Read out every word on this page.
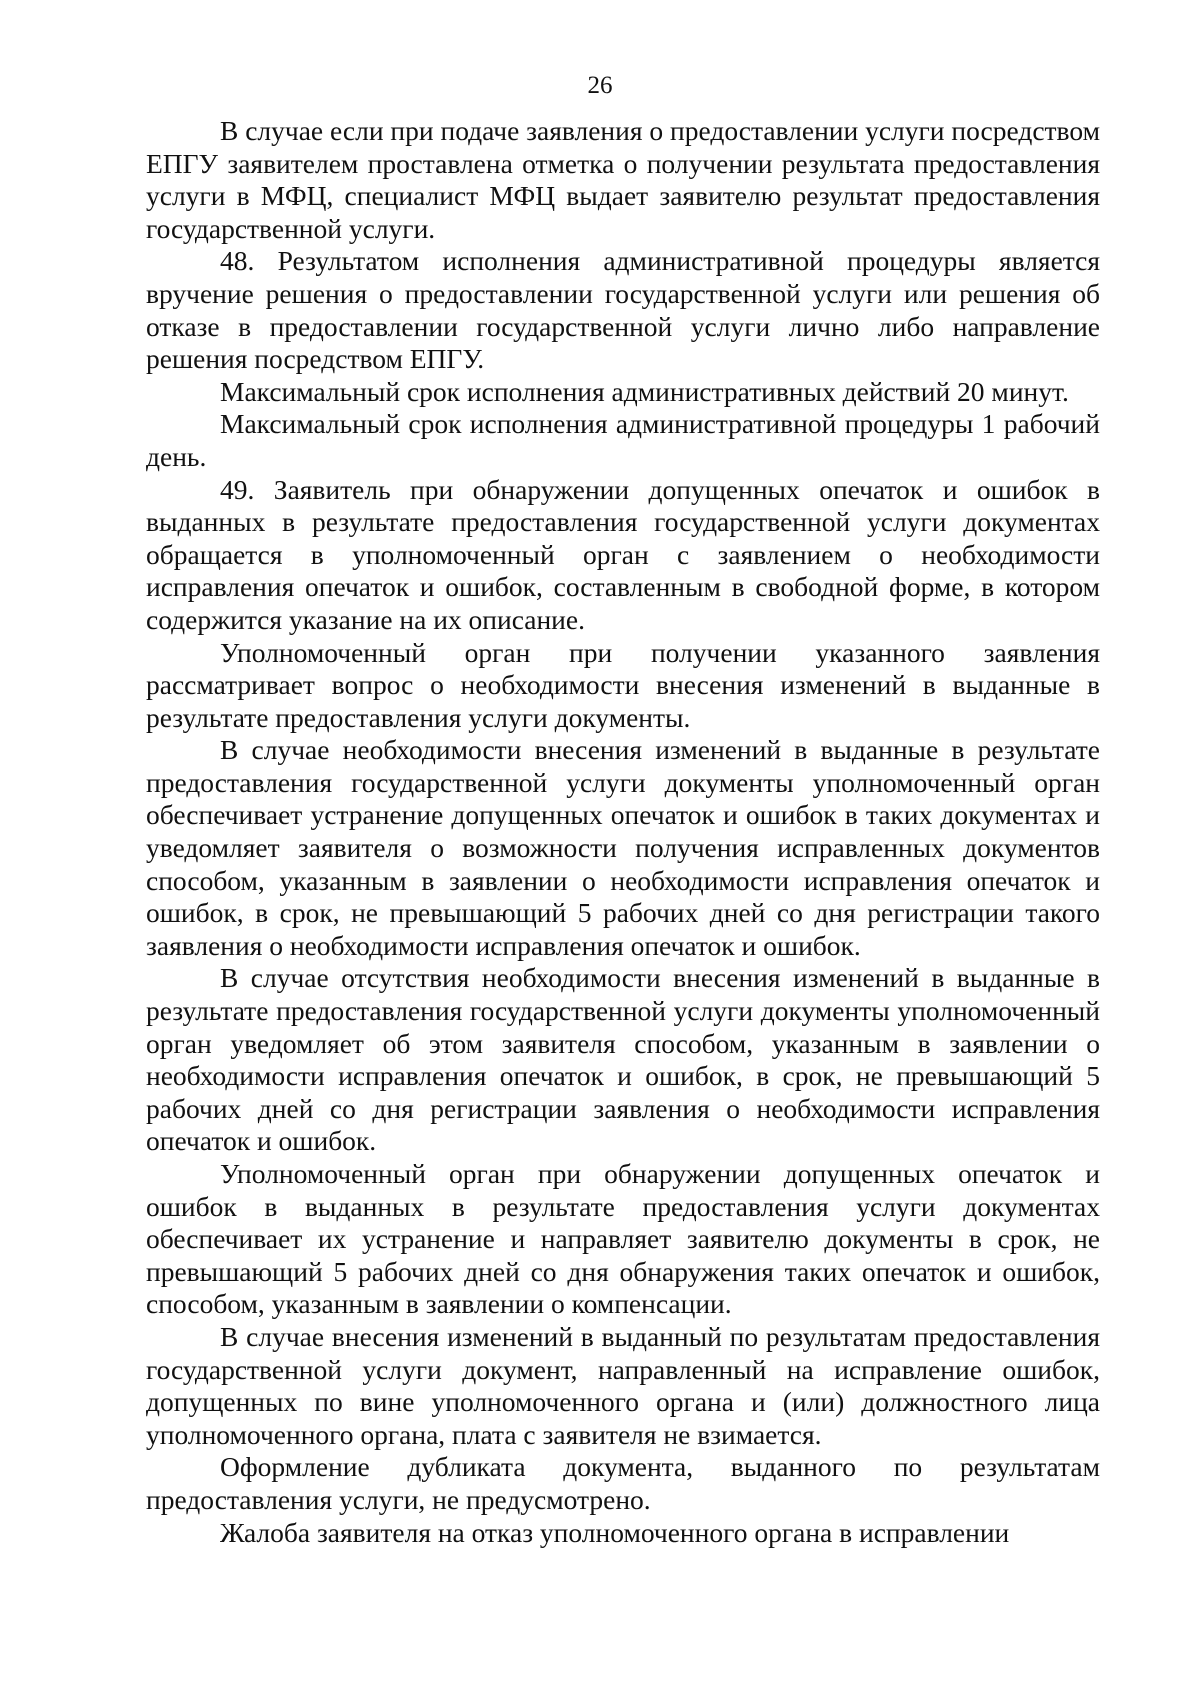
26

В случае если при подаче заявления о предоставлении услуги посредством ЕПГУ заявителем проставлена отметка о получении результата предоставления услуги в МФЦ, специалист МФЦ выдает заявителю результат предоставления государственной услуги.

48. Результатом исполнения административной процедуры является вручение решения о предоставлении государственной услуги или решения об отказе в предоставлении государственной услуги лично либо направление решения посредством ЕПГУ.

Максимальный срок исполнения административных действий 20 минут.

Максимальный срок исполнения административной процедуры 1 рабочий день.

49. Заявитель при обнаружении допущенных опечаток и ошибок в выданных в результате предоставления государственной услуги документах обращается в уполномоченный орган с заявлением о необходимости исправления опечаток и ошибок, составленным в свободной форме, в котором содержится указание на их описание.

Уполномоченный орган при получении указанного заявления рассматривает вопрос о необходимости внесения изменений в выданные в результате предоставления услуги документы.

В случае необходимости внесения изменений в выданные в результате предоставления государственной услуги документы уполномоченный орган обеспечивает устранение допущенных опечаток и ошибок в таких документах и уведомляет заявителя о возможности получения исправленных документов способом, указанным в заявлении о необходимости исправления опечаток и ошибок, в срок, не превышающий 5 рабочих дней со дня регистрации такого заявления о необходимости исправления опечаток и ошибок.

В случае отсутствия необходимости внесения изменений в выданные в результате предоставления государственной услуги документы уполномоченный орган уведомляет об этом заявителя способом, указанным в заявлении о необходимости исправления опечаток и ошибок, в срок, не превышающий 5 рабочих дней со дня регистрации заявления о необходимости исправления опечаток и ошибок.

Уполномоченный орган при обнаружении допущенных опечаток и ошибок в выданных в результате предоставления услуги документах обеспечивает их устранение и направляет заявителю документы в срок, не превышающий 5 рабочих дней со дня обнаружения таких опечаток и ошибок, способом, указанным в заявлении о компенсации.

В случае внесения изменений в выданный по результатам предоставления государственной услуги документ, направленный на исправление ошибок, допущенных по вине уполномоченного органа и (или) должностного лица уполномоченного органа, плата с заявителя не взимается.

Оформление дубликата документа, выданного по результатам предоставления услуги, не предусмотрено.

Жалоба заявителя на отказ уполномоченного органа в исправлении
